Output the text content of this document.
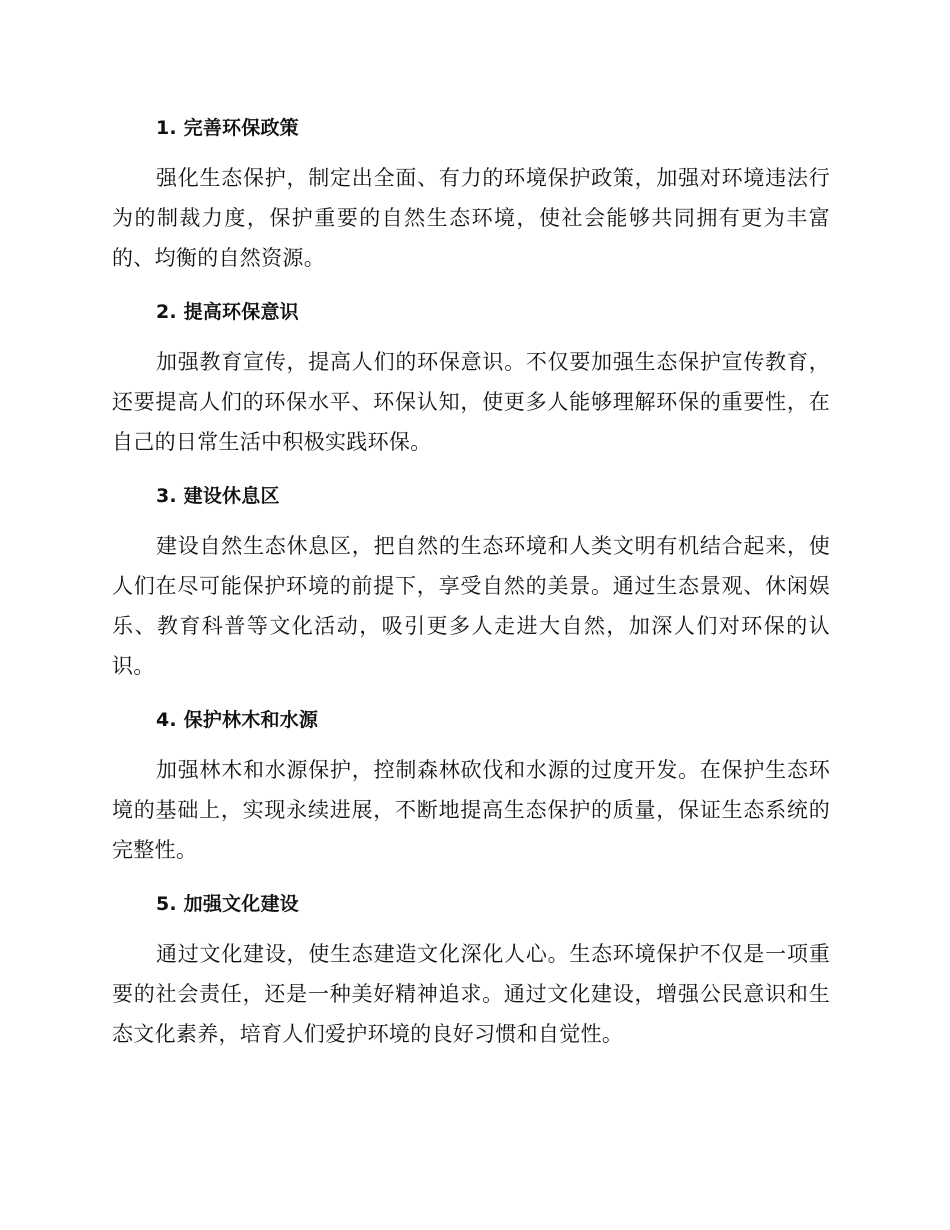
1. 完善环保政策

强化生态保护，制定出全面、有力的环境保护政策，加强对环境违法行为的制裁力度，保护重要的自然生态环境，使社会能够共同拥有更为丰富的、均衡的自然资源。

2. 提高环保意识

加强教育宣传，提高人们的环保意识。不仅要加强生态保护宣传教育，还要提高人们的环保水平、环保认知，使更多人能够理解环保的重要性，在自己的日常生活中积极实践环保。

3. 建设休息区

建设自然生态休息区，把自然的生态环境和人类文明有机结合起来，使人们在尽可能保护环境的前提下，享受自然的美景。通过生态景观、休闲娱乐、教育科普等文化活动，吸引更多人走进大自然，加深人们对环保的认识。

4. 保护林木和水源

加强林木和水源保护，控制森林砍伐和水源的过度开发。在保护生态环境的基础上，实现永续进展，不断地提高生态保护的质量，保证生态系统的完整性。

5. 加强文化建设

通过文化建设，使生态建造文化深化人心。生态环境保护不仅是一项重要的社会责任，还是一种美好精神追求。通过文化建设，增强公民意识和生态文化素养，培育人们爱护环境的良好习惯和自觉性。
